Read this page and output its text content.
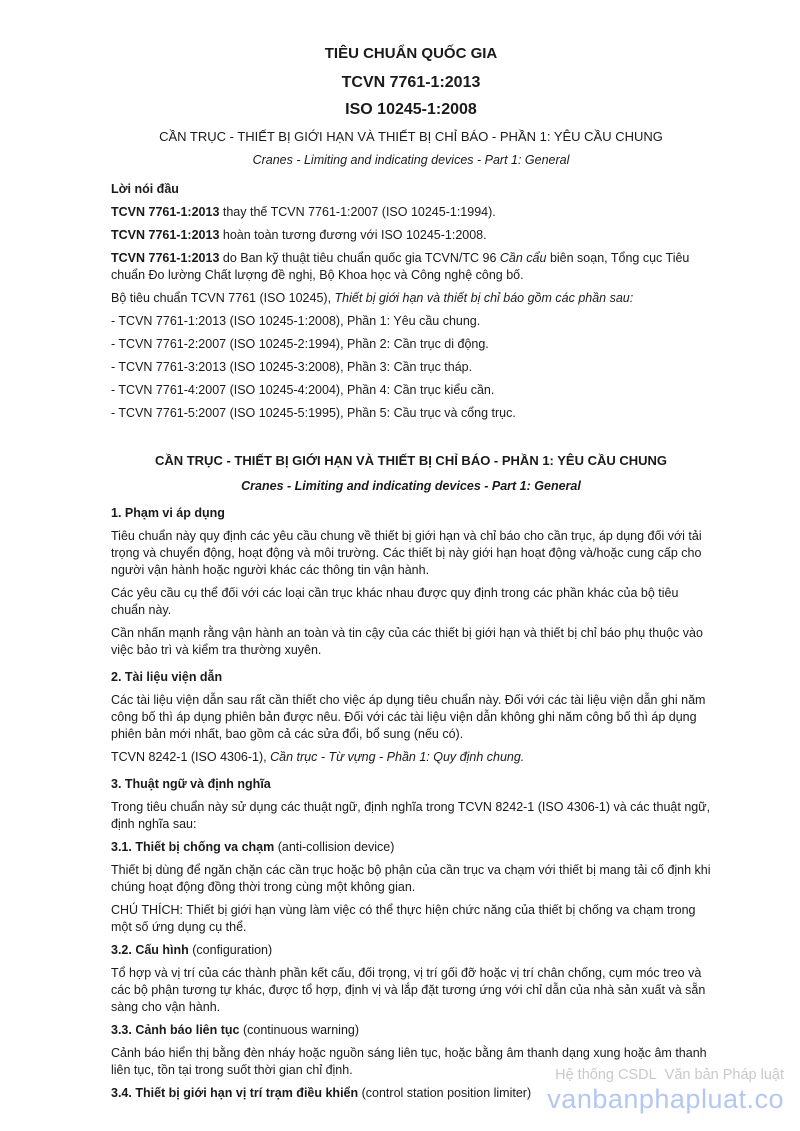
TIÊU CHUẨN QUỐC GIA
TCVN 7761-1:2013
ISO 10245-1:2008
CẦN TRỤC - THIẾT BỊ GIỚI HẠN VÀ THIẾT BỊ CHỈ BÁO - PHẦN 1: YÊU CẦU CHUNG
Cranes - Limiting and indicating devices - Part 1: General
Lời nói đầu

TCVN 7761-1:2013 thay thế TCVN 7761-1:2007 (ISO 10245-1:1994).

TCVN 7761-1:2013 hoàn toàn tương đương với ISO 10245-1:2008.

TCVN 7761-1:2013 do Ban kỹ thuật tiêu chuẩn quốc gia TCVN/TC 96 Cần cẩu biên soạn, Tổng cục Tiêu chuẩn Đo lường Chất lượng đề nghị, Bộ Khoa học và Công nghệ công bố.

Bộ tiêu chuẩn TCVN 7761 (ISO 10245), Thiết bị giới hạn và thiết bị chỉ báo gồm các phần sau:

- TCVN 7761-1:2013 (ISO 10245-1:2008), Phần 1: Yêu cầu chung.
- TCVN 7761-2:2007 (ISO 10245-2:1994), Phần 2: Cần trục di động.
- TCVN 7761-3:2013 (ISO 10245-3:2008), Phần 3: Cần trục tháp.
- TCVN 7761-4:2007 (ISO 10245-4:2004), Phần 4: Cần trục kiểu cần.
- TCVN 7761-5:2007 (ISO 10245-5:1995), Phần 5: Cầu trục và cổng trục.
CẦN TRỤC - THIẾT BỊ GIỚI HẠN VÀ THIẾT BỊ CHỈ BÁO - PHẦN 1: YÊU CẦU CHUNG
Cranes - Limiting and indicating devices - Part 1: General
1. Phạm vi áp dụng

Tiêu chuẩn này quy định các yêu cầu chung về thiết bị giới hạn và chỉ báo cho cần trục, áp dụng đối với tải trọng và chuyển động, hoạt động và môi trường. Các thiết bị này giới hạn hoạt động và/hoặc cung cấp cho người vận hành hoặc người khác các thông tin vận hành.

Các yêu cầu cụ thể đối với các loại cần trục khác nhau được quy định trong các phần khác của bộ tiêu chuẩn này.

Cần nhấn mạnh rằng vận hành an toàn và tin cậy của các thiết bị giới hạn và thiết bị chỉ báo phụ thuộc vào việc bảo trì và kiểm tra thường xuyên.

2. Tài liệu viện dẫn

Các tài liệu viện dẫn sau rất cần thiết cho việc áp dụng tiêu chuẩn này. Đối với các tài liệu viện dẫn ghi năm công bố thì áp dụng phiên bản được nêu. Đối với các tài liệu viện dẫn không ghi năm công bố thì áp dụng phiên bản mới nhất, bao gồm cả các sửa đổi, bổ sung (nếu có).

TCVN 8242-1 (ISO 4306-1), Cần trục - Từ vựng - Phần 1: Quy định chung.

3. Thuật ngữ và định nghĩa

Trong tiêu chuẩn này sử dụng các thuật ngữ, định nghĩa trong TCVN 8242-1 (ISO 4306-1) và các thuật ngữ, định nghĩa sau:

3.1. Thiết bị chống va chạm (anti-collision device)

Thiết bị dùng để ngăn chặn các cần trục hoặc bộ phận của cần trục va chạm với thiết bị mang tải cố định khi chúng hoạt động đồng thời trong cùng một không gian.

CHÚ THÍCH: Thiết bị giới hạn vùng làm việc có thể thực hiện chức năng của thiết bị chống va chạm trong một số ứng dụng cụ thể.

3.2. Cấu hình (configuration)

Tổ hợp và vị trí của các thành phần kết cấu, đối trọng, vị trí gối đỡ hoặc vị trí chân chống, cụm móc treo và các bộ phận tương tự khác, được tổ hợp, định vị và lắp đặt tương ứng với chỉ dẫn của nhà sản xuất và sẵn sàng cho vận hành.

3.3. Cảnh báo liên tục (continuous warning)

Cảnh báo hiển thị bằng đèn nháy hoặc nguồn sáng liên tục, hoặc bằng âm thanh dạng xung hoặc âm thanh liên tục, tồn tại trong suốt thời gian chỉ định.

3.4. Thiết bị giới hạn vị trí trạm điều khiển (control station position limiter)

Hệ thống CSDL Văn bản Pháp luật
vanbanphapluat.co
